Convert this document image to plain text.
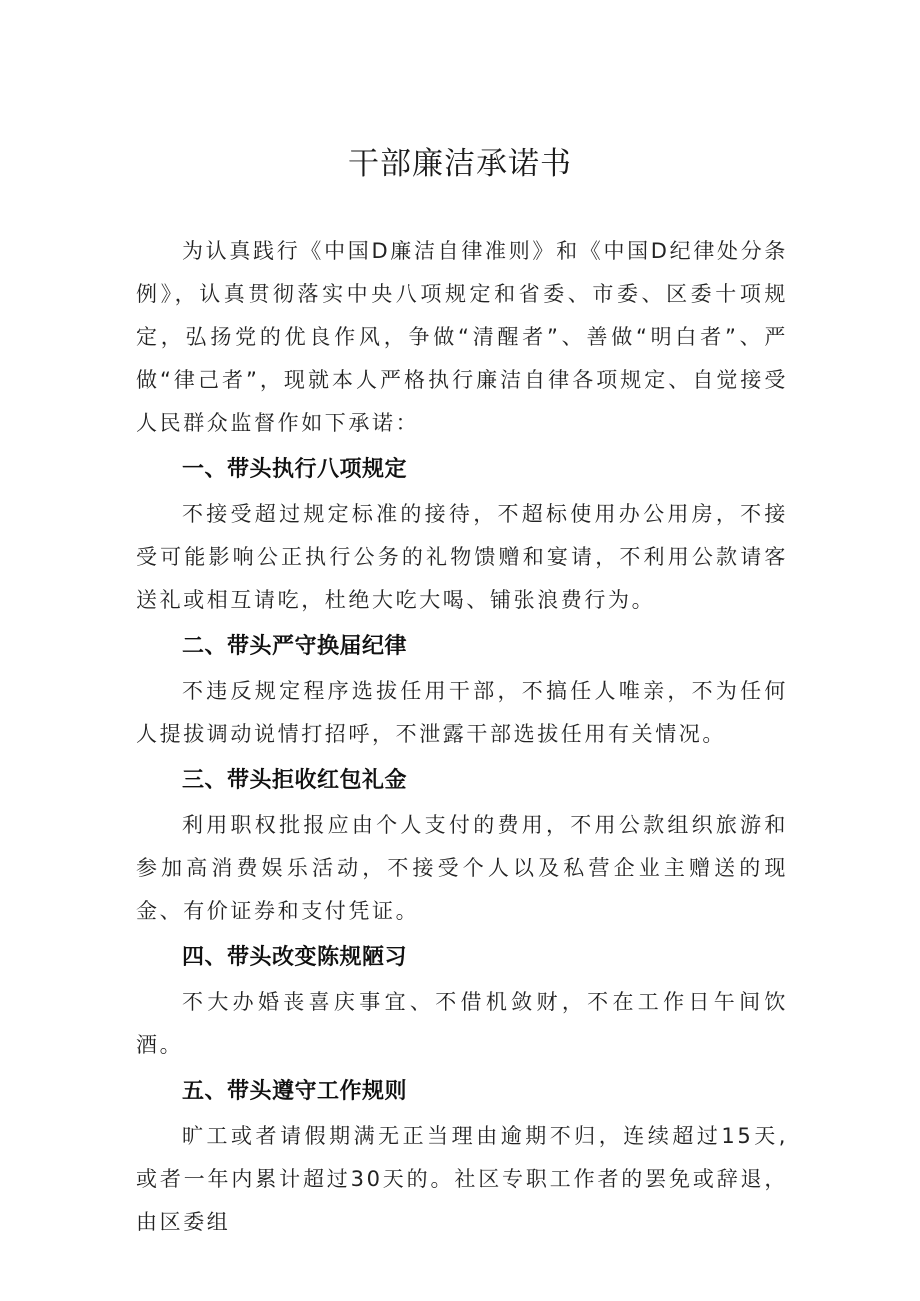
干部廉洁承诺书

为认真践行《中国D廉洁自律准则》和《中国D纪律处分条例》，认真贯彻落实中央八项规定和省委、市委、区委十项规定，弘扬党的优良作风，争做“清醒者”、善做“明白者”、严做“律己者”，现就本人严格执行廉洁自律各项规定、自觉接受人民群众监督作如下承诺：

一、带头执行八项规定

不接受超过规定标准的接待，不超标使用办公用房，不接受可能影响公正执行公务的礼物馈赠和宴请，不利用公款请客送礼或相互请吃，杜绝大吃大喝、铺张浪费行为。

二、带头严守换届纪律

不违反规定程序选拔任用干部，不搞任人唯亲，不为任何人提拔调动说情打招呼，不泄露干部选拔任用有关情况。

三、带头拒收红包礼金

利用职权批报应由个人支付的费用，不用公款组织旅游和参加高消费娱乐活动，不接受个人以及私营企业主赠送的现金、有价证券和支付凭证。

四、带头改变陈规陋习

不大办婚丧喜庆事宜、不借机敛财，不在工作日午间饮酒。

五、带头遵守工作规则

旷工或者请假期满无正当理由逾期不归，连续超过15天,或者一年内累计超过30天的。社区专职工作者的罢免或辞退，由区委组
